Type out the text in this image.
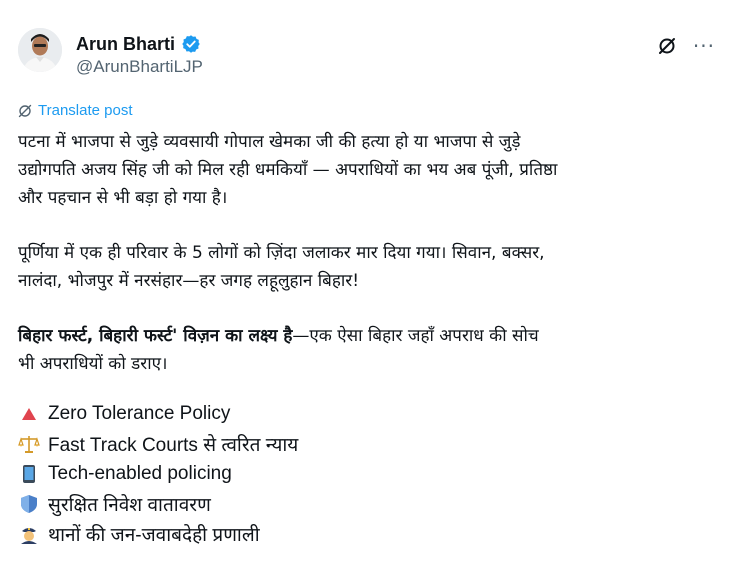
Arun Bharti
@ArunBhartiLJP
···
Translate post

पटना में भाजपा से जुड़े व्यवसायी गोपाल खेमका जी की हत्या हो या भाजपा से जुड़े
उद्योगपति अजय सिंह जी को मिल रही धमकियाँ — अपराधियों का भय अब पूंजी, प्रतिष्ठा
और पहचान से भी बड़ा हो गया है।

पूर्णिया में एक ही परिवार के 5 लोगों को ज़िंदा जलाकर मार दिया गया। सिवान, बक्सर,
नालंदा, भोजपुर में नरसंहार—हर जगह लहूलुहान बिहार!

बिहार फर्स्ट, बिहारी फर्स्ट' विज़न का लक्ष्य है—एक ऐसा बिहार जहाँ अपराध की सोच
भी अपराधियों को डराए।

Zero Tolerance Policy
Fast Track Courts से त्वरित न्याय
Tech-enabled policing
सुरक्षित निवेश वातावरण
थानों की जन-जवाबदेही प्रणाली
